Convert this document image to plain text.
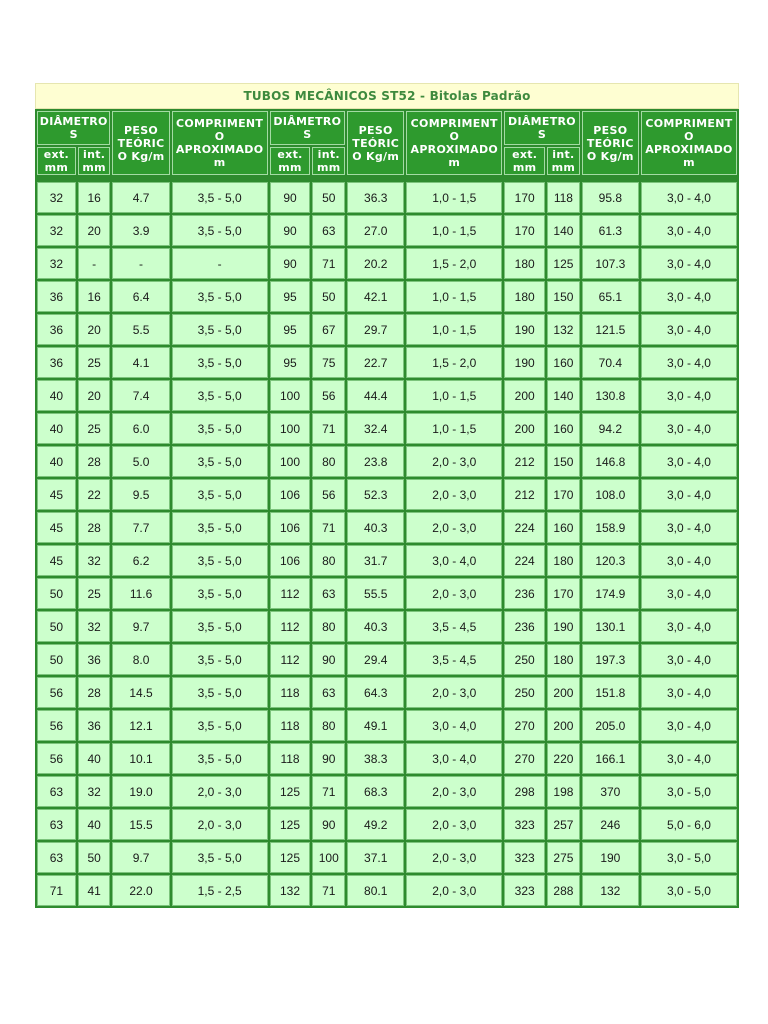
TUBOS MECÂNICOS ST52 - Bitolas Padrão
DIÂMETROS		PESO TEÓRICO Kg/m	COMPRIMENTO APROXIMADO m	DIÂMETROS		PESO TEÓRICO Kg/m	COMPRIMENTO APROXIMADO m	DIÂMETROS		PESO TEÓRICO Kg/m	COMPRIMENTO APROXIMADO m
ext. mm	int. mm			ext. mm	int. mm			ext. mm	int. mm		

32	16	4.7	3,5 - 5,0	90	50	36.3	1,0 - 1,5	170	118	95.8	3,0 - 4,0
32	20	3.9	3,5 - 5,0	90	63	27.0	1,0 - 1,5	170	140	61.3	3,0 - 4,0
32	-	-	-	90	71	20.2	1,5 - 2,0	180	125	107.3	3,0 - 4,0
36	16	6.4	3,5 - 5,0	95	50	42.1	1,0 - 1,5	180	150	65.1	3,0 - 4,0
36	20	5.5	3,5 - 5,0	95	67	29.7	1,0 - 1,5	190	132	121.5	3,0 - 4,0
36	25	4.1	3,5 - 5,0	95	75	22.7	1,5 - 2,0	190	160	70.4	3,0 - 4,0
40	20	7.4	3,5 - 5,0	100	56	44.4	1,0 - 1,5	200	140	130.8	3,0 - 4,0
40	25	6.0	3,5 - 5,0	100	71	32.4	1,0 - 1,5	200	160	94.2	3,0 - 4,0
40	28	5.0	3,5 - 5,0	100	80	23.8	2,0 - 3,0	212	150	146.8	3,0 - 4,0
45	22	9.5	3,5 - 5,0	106	56	52.3	2,0 - 3,0	212	170	108.0	3,0 - 4,0
45	28	7.7	3,5 - 5,0	106	71	40.3	2,0 - 3,0	224	160	158.9	3,0 - 4,0
45	32	6.2	3,5 - 5,0	106	80	31.7	3,0 - 4,0	224	180	120.3	3,0 - 4,0
50	25	11.6	3,5 - 5,0	112	63	55.5	2,0 - 3,0	236	170	174.9	3,0 - 4,0
50	32	9.7	3,5 - 5,0	112	80	40.3	3,5 - 4,5	236	190	130.1	3,0 - 4,0
50	36	8.0	3,5 - 5,0	112	90	29.4	3,5 - 4,5	250	180	197.3	3,0 - 4,0
56	28	14.5	3,5 - 5,0	118	63	64.3	2,0 - 3,0	250	200	151.8	3,0 - 4,0
56	36	12.1	3,5 - 5,0	118	80	49.1	3,0 - 4,0	270	200	205.0	3,0 - 4,0
56	40	10.1	3,5 - 5,0	118	90	38.3	3,0 - 4,0	270	220	166.1	3,0 - 4,0
63	32	19.0	2,0 - 3,0	125	71	68.3	2,0 - 3,0	298	198	370	3,0 - 5,0
63	40	15.5	2,0 - 3,0	125	90	49.2	2,0 - 3,0	323	257	246	5,0 - 6,0
63	50	9.7	3,5 - 5,0	125	100	37.1	2,0 - 3,0	323	275	190	3,0 - 5,0
71	41	22.0	1,5 - 2,5	132	71	80.1	2,0 - 3,0	323	288	132	3,0 - 5,0
